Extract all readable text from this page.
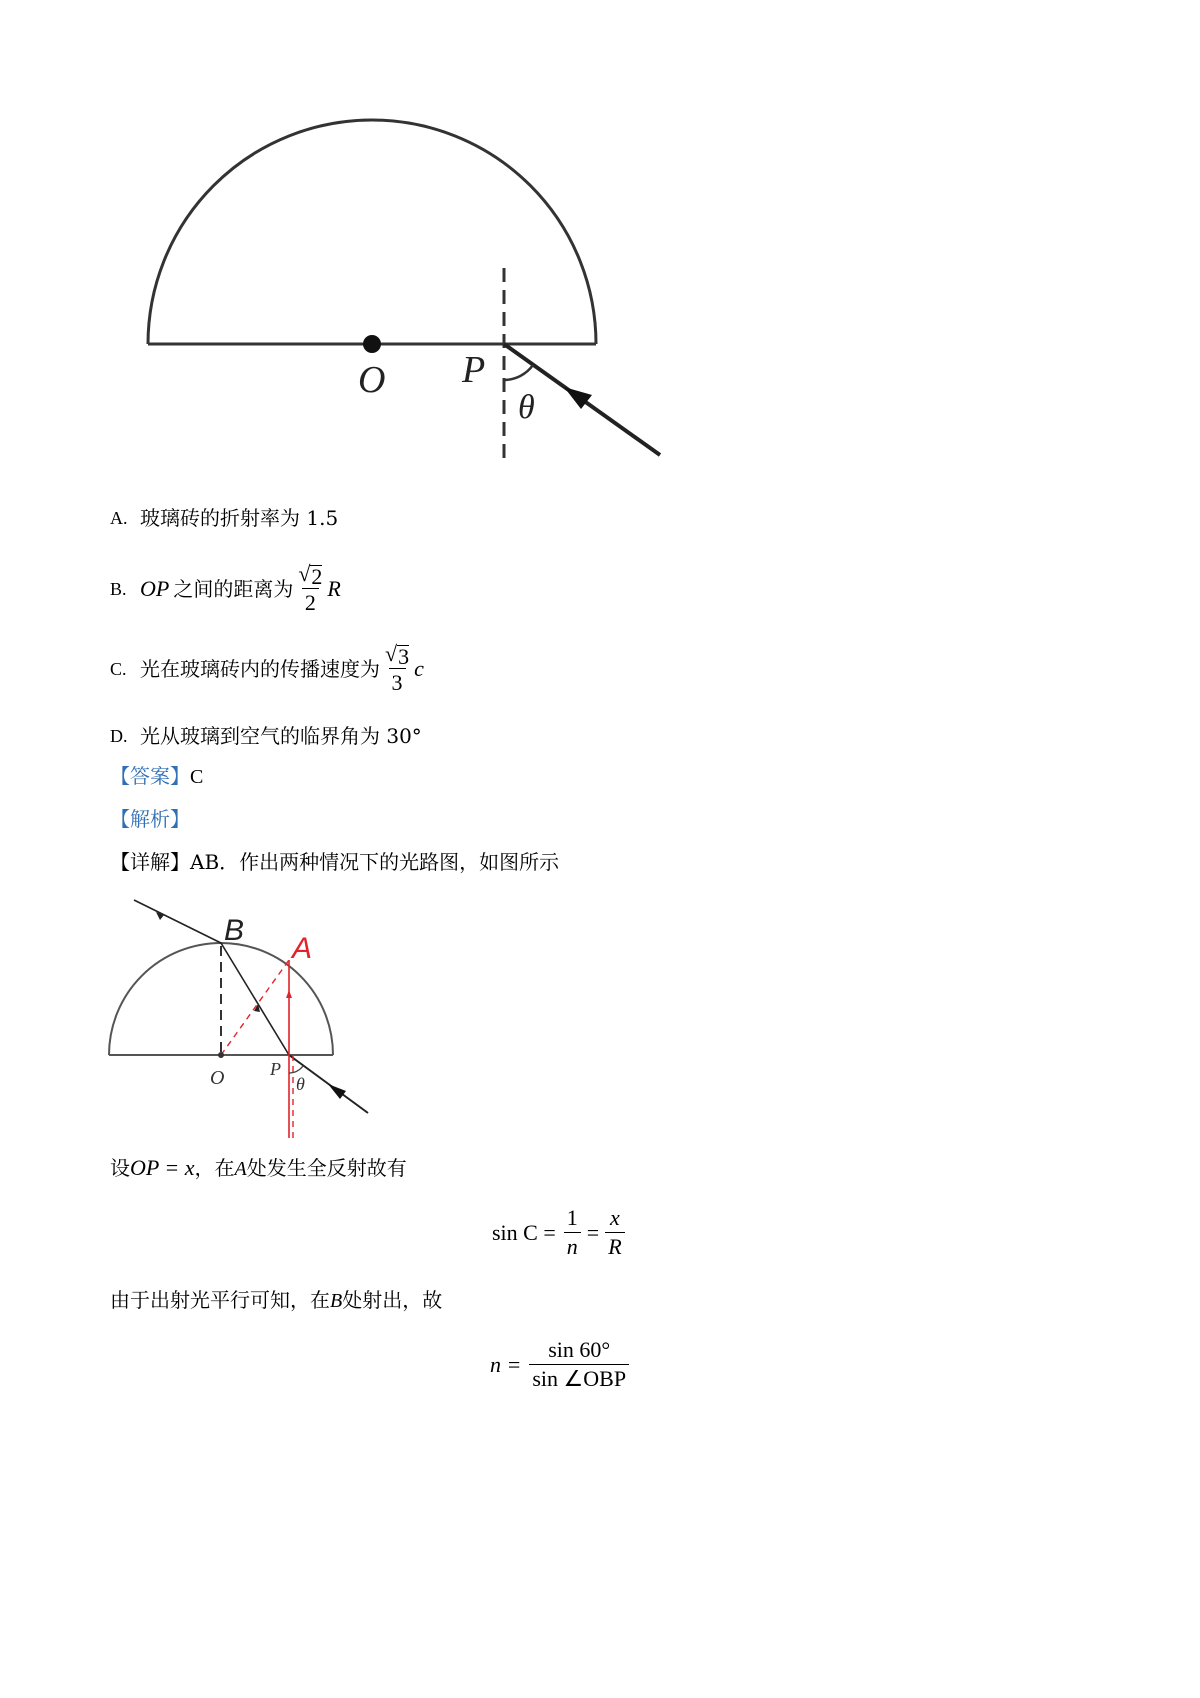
O P
θ
A. 玻璃砖的折射率为 1.5
B. OP 之间的距离为 $\frac{√ 2}{2}$ R
C. 光在玻璃砖内的传播速度为 $\frac{√ 3}{3}$ c
D. 光从玻璃到空气的临界角为 30°
【答案】C
【解析】
【详解】AB．作出两种情况下的光路图，如图所示
B
A
O	P
θ
设OP = x，在A处发生全反射故有
$\sin C = \frac{1}{n} = \frac{x}{R}$
由于出射光平行可知，在B处射出，故
$n = \frac{\sin 60^\circ}{\text{sin ∠OBP}}$
